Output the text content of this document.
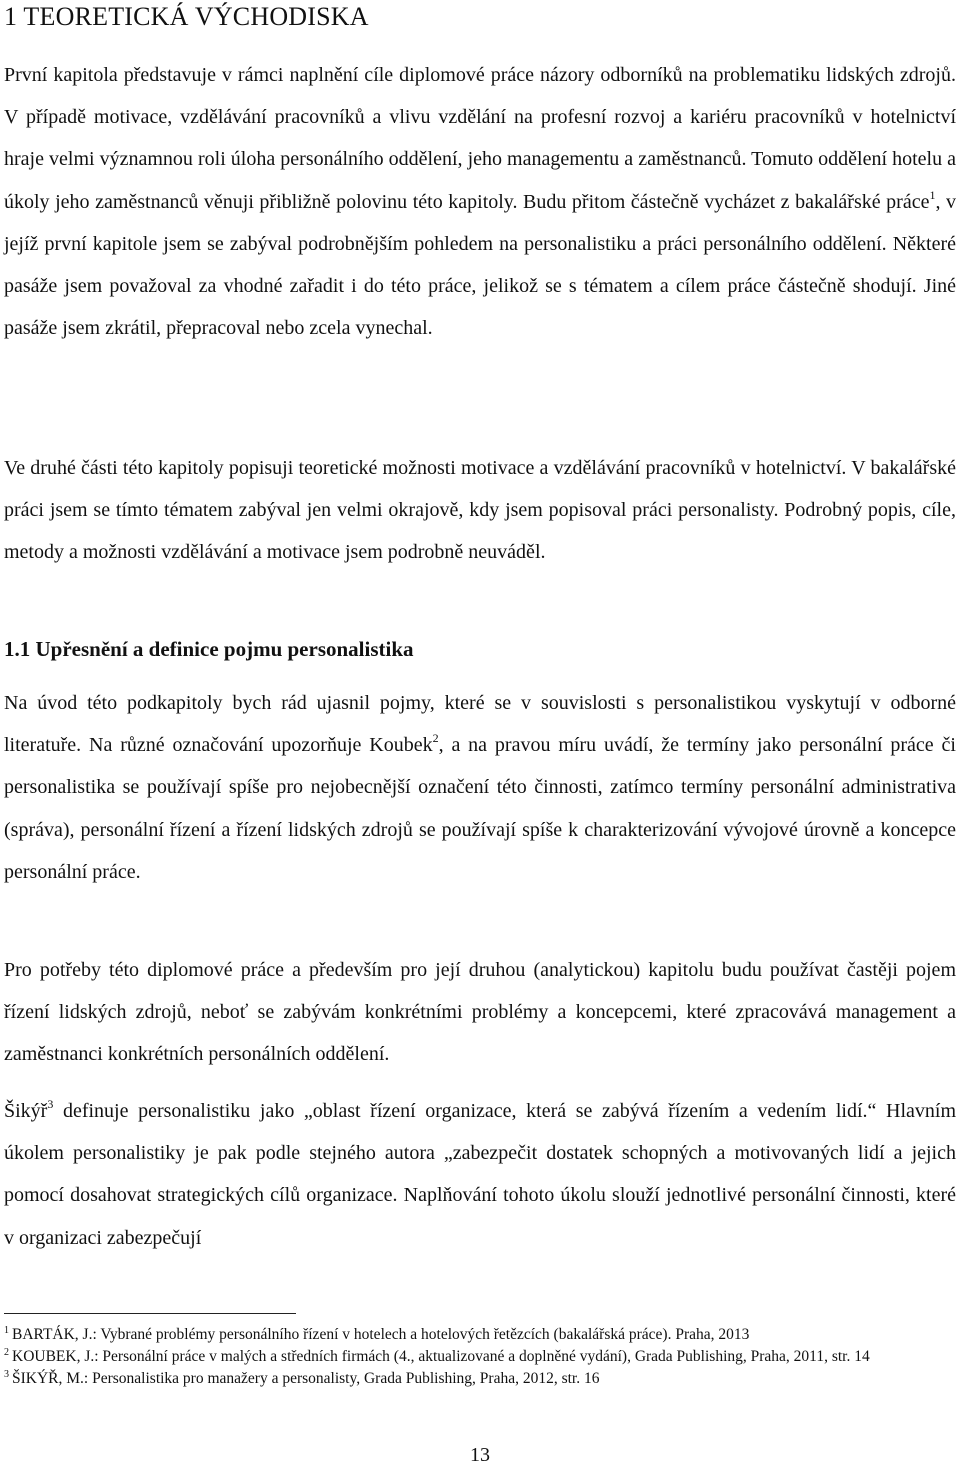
1 TEORETICKÁ VÝCHODISKA

První kapitola představuje v rámci naplnění cíle diplomové práce názory odborníků na problematiku lidských zdrojů. V případě motivace, vzdělávání pracovníků a vlivu vzdělání na profesní rozvoj a kariéru pracovníků v hotelnictví hraje velmi významnou roli úloha personálního oddělení, jeho managementu a zaměstnanců. Tomuto oddělení hotelu a úkoly jeho zaměstnanců věnuji přibližně polovinu této kapitoly. Budu přitom částečně vycházet z bakalářské práce$^1$, v jejíž první kapitole jsem se zabýval podrobnějším pohledem na personalistiku a práci personálního oddělení. Některé pasáže jsem považoval za vhodné zařadit i do této práce, jelikož se s tématem a cílem práce částečně shodují. Jiné pasáže jsem zkrátil, přepracoval nebo zcela vynechal.

Ve druhé části této kapitoly popisuji teoretické možnosti motivace a vzdělávání pracovníků v hotelnictví. V bakalářské práci jsem se tímto tématem zabýval jen velmi okrajově, kdy jsem popisoval práci personalisty. Podrobný popis, cíle, metody a možnosti vzdělávání a motivace jsem podrobně neuváděl.

1.1 Upřesnění a definice pojmu personalistika

Na úvod této podkapitoly bych rád ujasnil pojmy, které se v souvislosti s personalistikou vyskytují v odborné literatuře. Na různé označování upozorňuje Koubek$^2$, a na pravou míru uvádí, že termíny jako personální práce či personalistika se používají spíše pro nejobecnější označení této činnosti, zatímco termíny personální administrativa (správa), personální řízení a řízení lidských zdrojů se používají spíše k charakterizování vývojové úrovně a koncepce personální práce.

Pro potřeby této diplomové práce a především pro její druhou (analytickou) kapitolu budu používat častěji pojem řízení lidských zdrojů, neboť se zabývám konkrétními problémy a koncepcemi, které zpracovává management a zaměstnanci konkrétních personálních oddělení.

Šikýř$^3$ definuje personalistiku jako „oblast řízení organizace, která se zabývá řízením a vedením lidí.“ Hlavním úkolem personalistiky je pak podle stejného autora „zabezpečit dostatek schopných a motivovaných lidí a jejich pomocí dosahovat strategických cílů organizace. Naplňování tohoto úkolu slouží jednotlivé personální činnosti, které v organizaci zabezpečují

$^1$ BARTÁK, J.: Vybrané problémy personálního řízení v hotelech a hotelových řetězcích (bakalářská práce). Praha, 2013

$^2$ KOUBEK, J.: Personální práce v malých a středních firmách (4., aktualizované a doplněné vydání), Grada Publishing, Praha, 2011, str. 14

$^3$ ŠIKÝŘ, M.: Personalistika pro manažery a personalisty, Grada Publishing, Praha, 2012, str. 16

13
